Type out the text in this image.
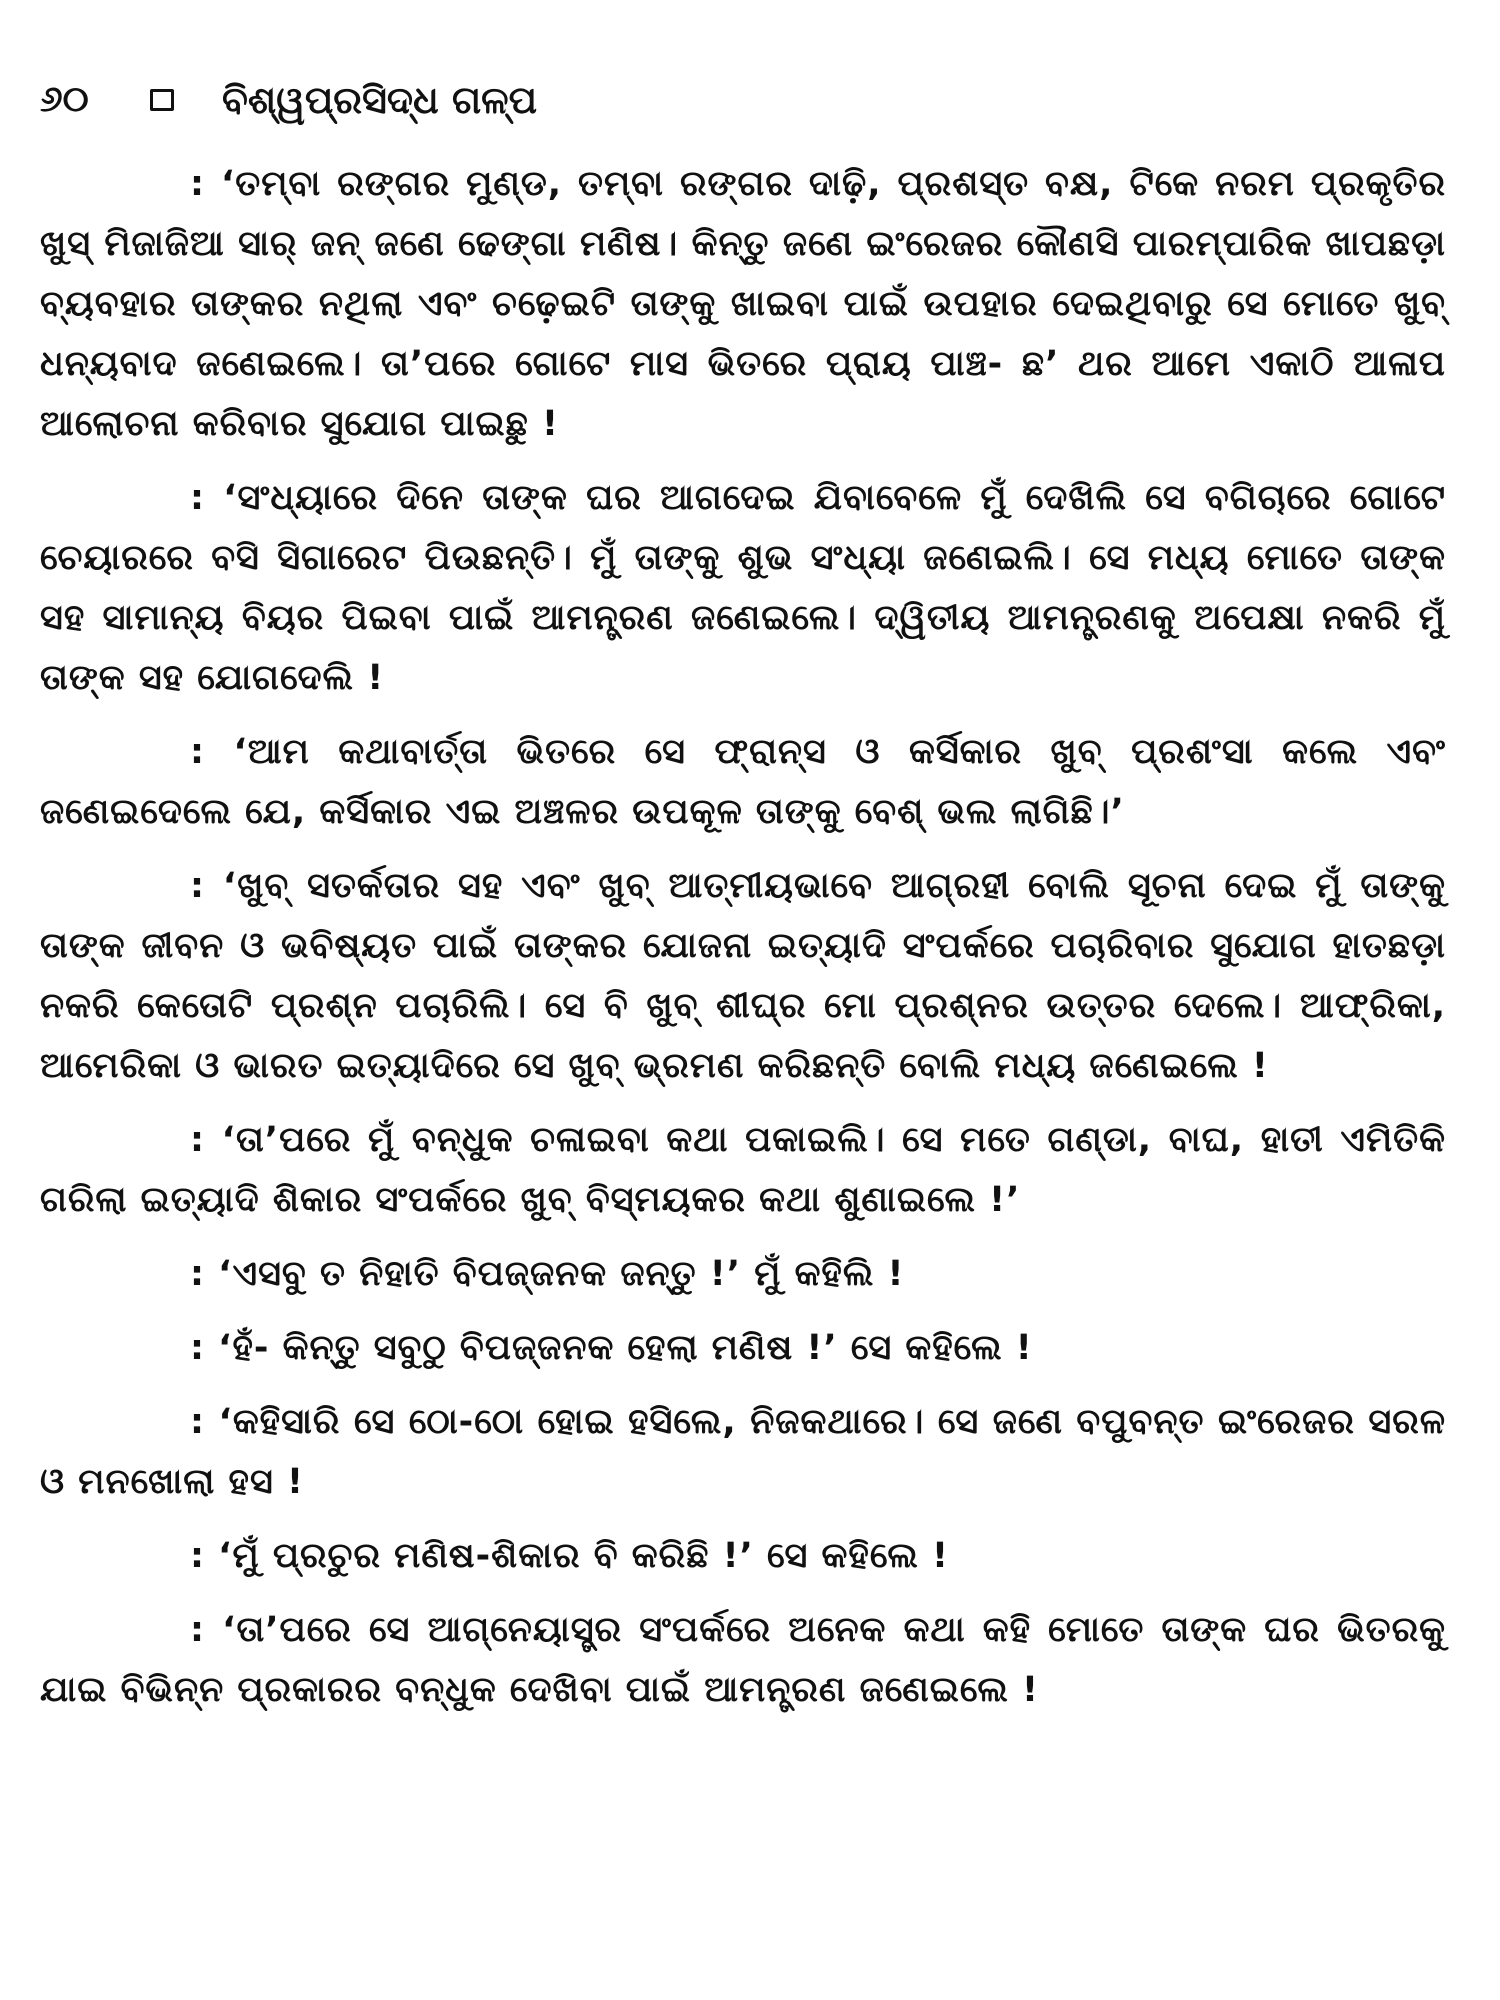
୬୦	ବିଶ୍ୱପ୍ରସିଦ୍ଧ ଗଳ୍ପ

: ‘ତମ୍ବା ରଙ୍ଗର ମୁଣ୍ଡ, ତମ୍ବା ରଙ୍ଗର ଦାଢ଼ି, ପ୍ରଶସ୍ତ ବକ୍ଷ, ଟିକେ ନରମ ପ୍ରକୃତିର ଖୁସ୍ ମିଜାଜିଆ ସାର୍ ଜନ୍ ଜଣେ ଢେଙ୍ଗା ମଣିଷ। କିନ୍ତୁ ଜଣେ ଇଂରେଜର କୌଣସି ପାରମ୍ପାରିକ ଖାପଛଡ଼ା ବ୍ୟବହାର ତାଙ୍କର ନଥିଲା ଏବଂ ଚଢ଼େଇଟି ତାଙ୍କୁ ଖାଇବା ପାଇଁ ଉପହାର ଦେଇଥିବାରୁ ସେ ମୋତେ ଖୁବ୍ ଧନ୍ୟବାଦ ଜଣେଇଲେ। ତା’ପରେ ଗୋଟେ ମାସ ଭିତରେ ପ୍ରାୟ ପାଞ୍ଚ- ଛ’ ଥର ଆମେ ଏକାଠି ଆଳାପ ଆଲୋଚନା କରିବାର ସୁଯୋଗ ପାଇଛୁ !

: ‘ସଂଧ୍ୟାରେ ଦିନେ ତାଙ୍କ ଘର ଆଗଦେଇ ଯିବାବେଳେ ମୁଁ ଦେଖିଲି ସେ ବଗିଚାରେ ଗୋଟେ ଚେୟାରରେ ବସି ସିଗାରେଟ ପିଉଛନ୍ତି। ମୁଁ ତାଙ୍କୁ ଶୁଭ ସଂଧ୍ୟା ଜଣେଇଲି। ସେ ମଧ୍ୟ ମୋତେ ତାଙ୍କ ସହ ସାମାନ୍ୟ ବିୟର ପିଇବା ପାଇଁ ଆମନ୍ତ୍ରଣ ଜଣେଇଲେ। ଦ୍ୱିତୀୟ ଆମନ୍ତ୍ରଣକୁ ଅପେକ୍ଷା ନକରି ମୁଁ ତାଙ୍କ ସହ ଯୋଗଦେଲି !

: ‘ଆମ କଥାବାର୍ତ୍ତା ଭିତରେ ସେ ଫ୍ରାନ୍ସ ଓ କର୍ସିକାର ଖୁବ୍ ପ୍ରଶଂସା କଲେ ଏବଂ ଜଣେଇଦେଲେ ଯେ, କର୍ସିକାର ଏଇ ଅଞ୍ଚଳର ଉପକୂଳ ତାଙ୍କୁ ବେଶ୍ ଭଲ ଲାଗିଛି।’

: ‘ଖୁବ୍ ସତର୍କତାର ସହ ଏବଂ ଖୁବ୍ ଆତ୍ମୀୟଭାବେ ଆଗ୍ରହୀ ବୋଲି ସୂଚନା ଦେଇ ମୁଁ ତାଙ୍କୁ ତାଙ୍କ ଜୀବନ ଓ ଭବିଷ୍ୟତ ପାଇଁ ତାଙ୍କର ଯୋଜନା ଇତ୍ୟାଦି ସଂପର୍କରେ ପଚାରିବାର ସୁଯୋଗ ହାତଛଡ଼ା ନକରି କେତୋଟି ପ୍ରଶ୍ନ ପଚାରିଲି। ସେ ବି ଖୁବ୍ ଶୀଘ୍ର ମୋ ପ୍ରଶ୍ନର ଉତ୍ତର ଦେଲେ। ଆଫ୍ରିକା, ଆମେରିକା ଓ ଭାରତ ଇତ୍ୟାଦିରେ ସେ ଖୁବ୍ ଭ୍ରମଣ କରିଛନ୍ତି ବୋଲି ମଧ୍ୟ ଜଣେଇଲେ !

: ‘ତା’ପରେ ମୁଁ ବନ୍ଧୁକ ଚଳାଇବା କଥା ପକାଇଲି। ସେ ମତେ ଗଣ୍ଡା, ବାଘ, ହାତୀ ଏମିତିକି ଗରିଲା ଇତ୍ୟାଦି ଶିକାର ସଂପର୍କରେ ଖୁବ୍ ବିସ୍ମୟକର କଥା ଶୁଣାଇଲେ !’

: ‘ଏସବୁ ତ ନିହାତି ବିପଜ୍ଜନକ ଜନ୍ତୁ !’ ମୁଁ କହିଲି !

: ‘ହଁ- କିନ୍ତୁ ସବୁଠୁ ବିପଜ୍ଜନକ ହେଲା ମଣିଷ !’ ସେ କହିଲେ !

: ‘କହିସାରି ସେ ଠୋ-ଠୋ ହୋଇ ହସିଲେ, ନିଜକଥାରେ। ସେ ଜଣେ ବପୁବନ୍ତ ଇଂରେଜର ସରଳ ଓ ମନଖୋଲା ହସ !

: ‘ମୁଁ ପ୍ରଚୁର ମଣିଷ-ଶିକାର ବି କରିଛି !’ ସେ କହିଲେ !

: ‘ତା’ପରେ ସେ ଆଗ୍ନେୟାସ୍ତ୍ର ସଂପର୍କରେ ଅନେକ କଥା କହି ମୋତେ ତାଙ୍କ ଘର ଭିତରକୁ ଯାଇ ବିଭିନ୍ନ ପ୍ରକାରର ବନ୍ଧୁକ ଦେଖିବା ପାଇଁ ଆମନ୍ତ୍ରଣ ଜଣେଇଲେ !
